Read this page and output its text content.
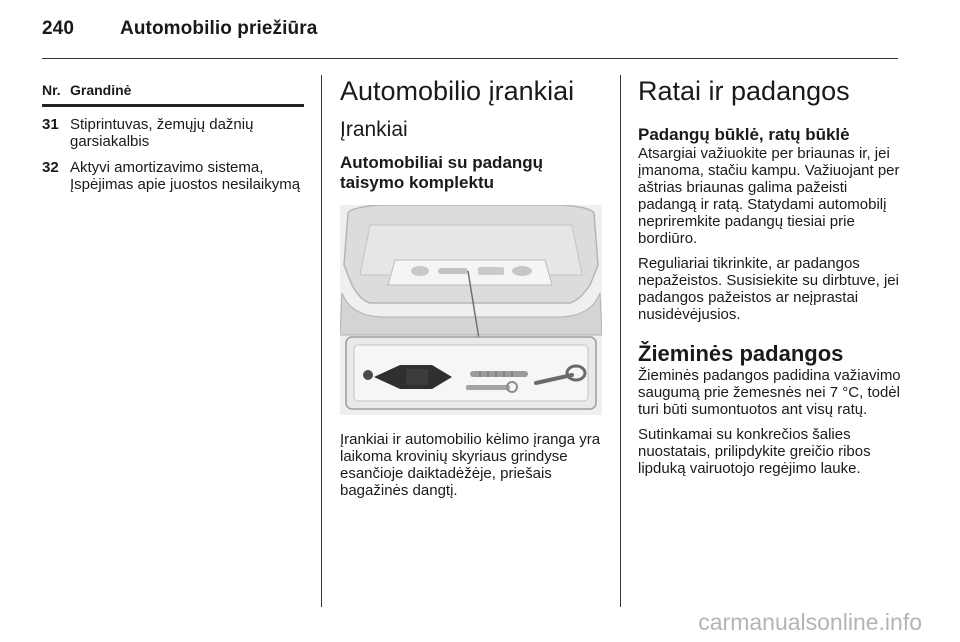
240 Automobilio priežiūra
Nr. Grandinė
31 Stiprintuvas, žemųjų dažnių garsiakalbis
32 Aktyvi amortizavimo sistema, Įspėjimas apie juostos nesilaikymą
Automobilio įrankiai
Įrankiai
Automobiliai su padangų taisymo komplektu

Įrankiai ir automobilio kėlimo įranga yra laikoma krovinių skyriaus grindyse esančioje daiktadėžėje, priešais bagažinės dangtį.

Ratai ir padangos
Padangų būklė, ratų būklė

Atsargiai važiuokite per briaunas ir, jei įmanoma, stačiu kampu. Važiuojant per aštrias briaunas galima pažeisti padangą ir ratą. Statydami automobilį nepriremkite padangų tiesiai prie bordiūro.

Reguliariai tikrinkite, ar padangos nepažeistos. Susisiekite su dirbtuve, jei padangos pažeistos ar neįprastai nusidėvėjusios.

Žieminės padangos

Žieminės padangos padidina važiavimo saugumą prie žemesnės nei 7 °C, todėl turi būti sumontuotos ant visų ratų.

Sutinkamai su konkrečios šalies nuostatais, prilipdykite greičio ribos lipduką vairuotojo regėjimo lauke.

carmanualsonline.info
